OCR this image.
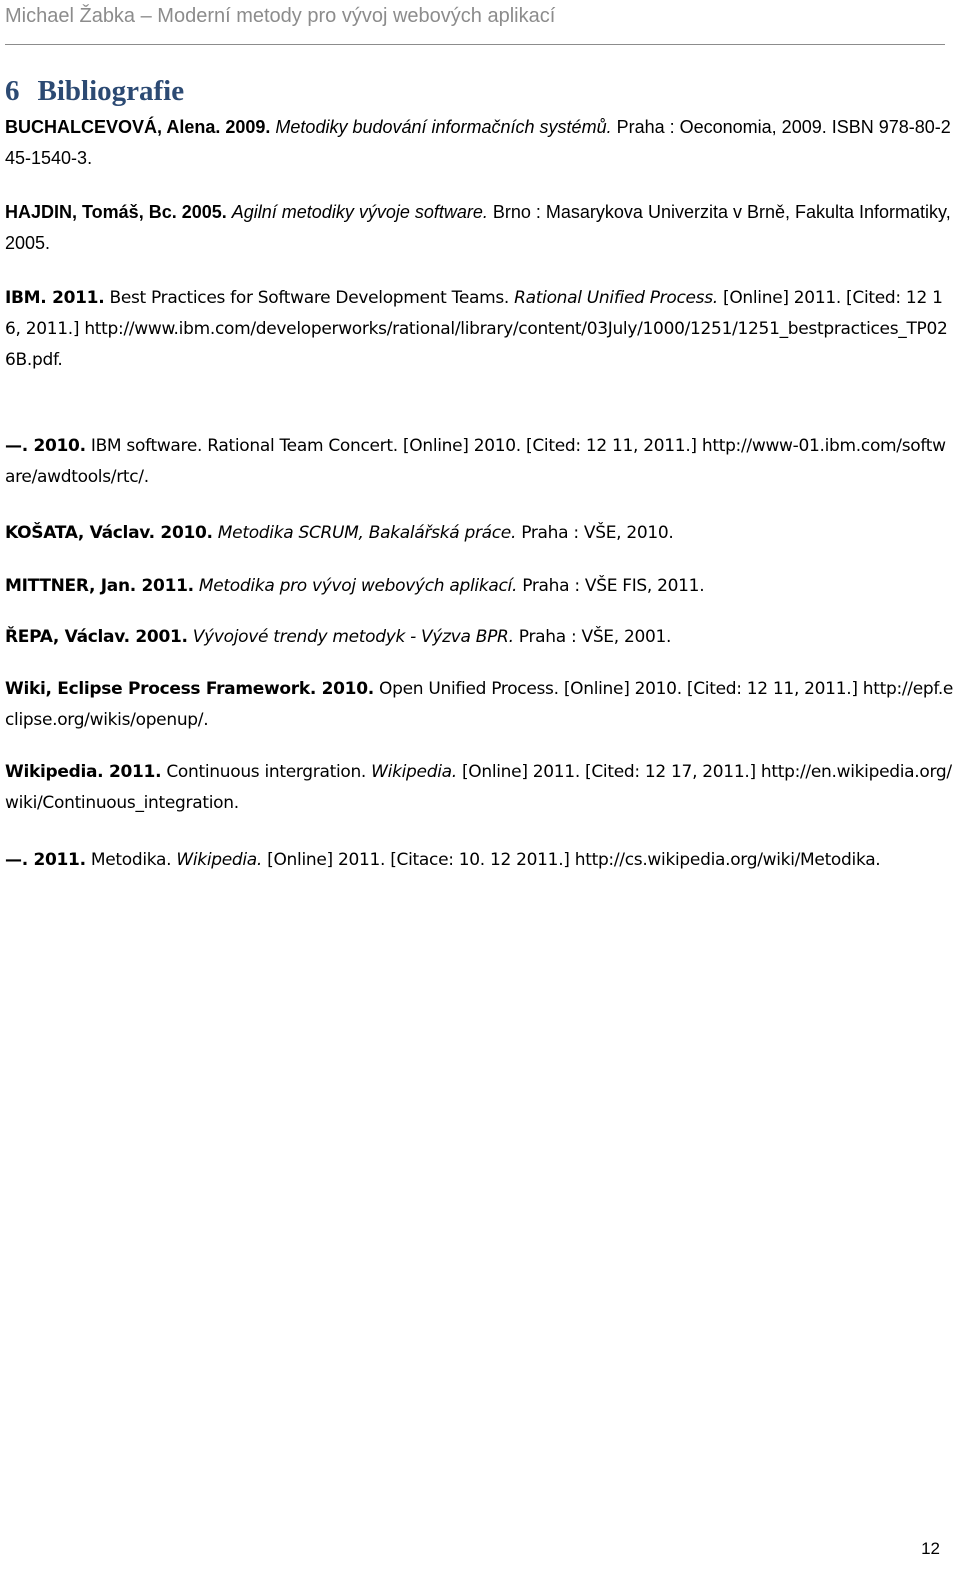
Michael Žabka – Moderní metody pro vývoj webových aplikací
6 Bibliografie

BUCHALCEVOVÁ, Alena. 2009. Metodiky budování informačních systémů. Praha : Oeconomia, 2009. ISBN 978-80-245-1540-3.

HAJDIN, Tomáš, Bc. 2005. Agilní metodiky vývoje software. Brno : Masarykova Univerzita v Brně, Fakulta Informatiky, 2005.

IBM. 2011. Best Practices for Software Development Teams. Rational Unified Process. [Online] 2011. [Cited: 12 16, 2011.] http://www.ibm.com/developerworks/rational/library/content/03July/1000/1251/1251_bestpractices_TP026B.pdf.

—. 2010. IBM software. Rational Team Concert. [Online] 2010. [Cited: 12 11, 2011.] http://www-01.ibm.com/software/awdtools/rtc/.

KOŠATA, Václav. 2010. Metodika SCRUM, Bakalářská práce. Praha : VŠE, 2010.

MITTNER, Jan. 2011. Metodika pro vývoj webových aplikací. Praha : VŠE FIS, 2011.

ŘEPA, Václav. 2001. Vývojové trendy metodyk - Výzva BPR. Praha : VŠE, 2001.

Wiki, Eclipse Process Framework. 2010. Open Unified Process. [Online] 2010. [Cited: 12 11, 2011.] http://epf.eclipse.org/wikis/openup/.

Wikipedia. 2011. Continuous intergration. Wikipedia. [Online] 2011. [Cited: 12 17, 2011.] http://en.wikipedia.org/wiki/Continuous_integration.

—. 2011. Metodika. Wikipedia. [Online] 2011. [Citace: 10. 12 2011.] http://cs.wikipedia.org/wiki/Metodika.

12
